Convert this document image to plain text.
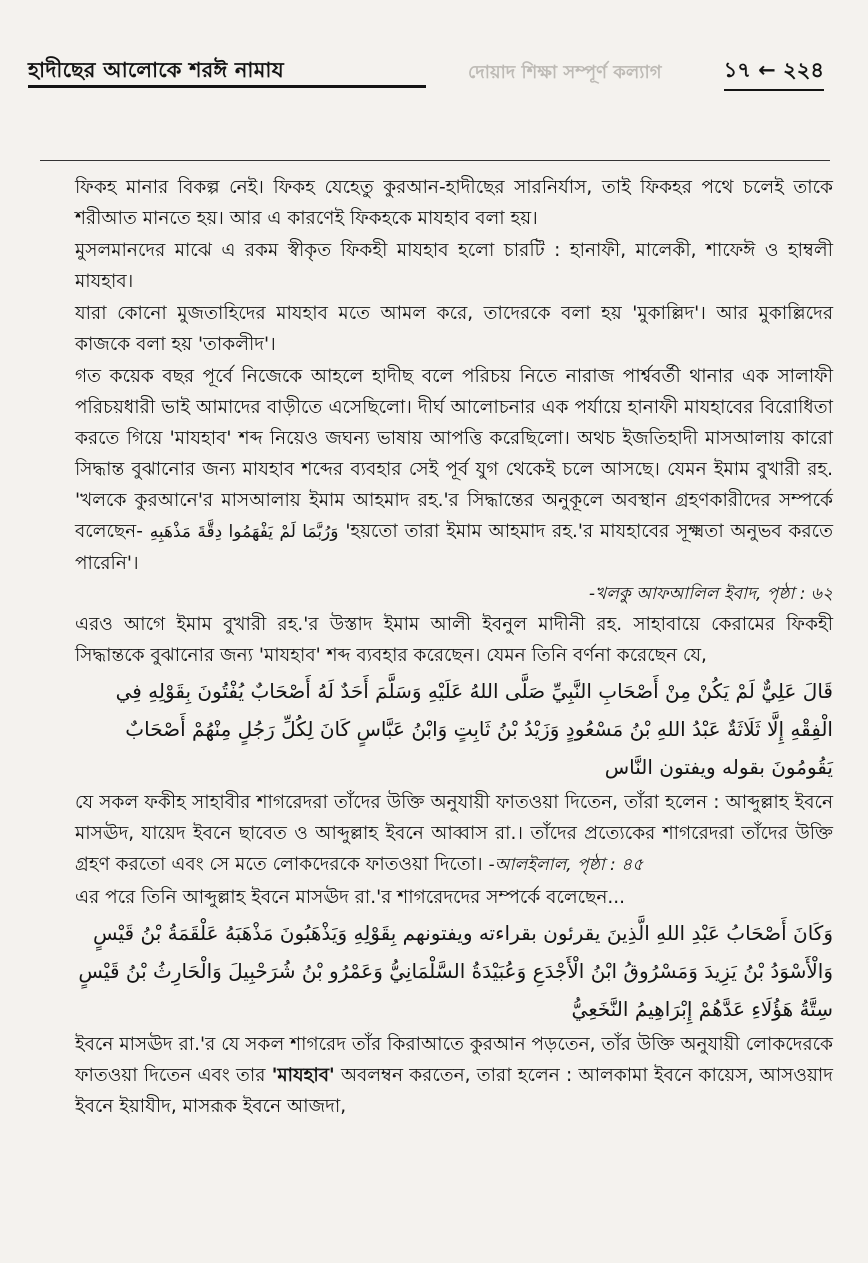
হাদীছের আলোকে শরঈ নামায	দোয়াদ শিক্ষা সম্পূর্ণ কল্যাগ	১৭ ← ২২৪

ফিকহ মানার বিকল্প নেই। ফিকহ যেহেতু কুরআন-হাদীছের সারনির্যাস, তাই ফিকহর পথে চলেই তাকে শরীআত মানতে হয়। আর এ কারণেই ফিকহকে মাযহাব বলা হয়।

মুসলমানদের মাঝে এ রকম স্বীকৃত ফিকহী মাযহাব হলো চারটি : হানাফী, মালেকী, শাফেঈ ও হাম্বলী মাযহাব।

যারা কোনো মুজতাহিদের মাযহাব মতে আমল করে, তাদেরকে বলা হয় 'মুকাল্লিদ'। আর মুকাল্লিদের কাজকে বলা হয় 'তাকলীদ'।

গত কয়েক বছর পূর্বে নিজেকে আহলে হাদীছ বলে পরিচয় নিতে নারাজ পার্শ্ববর্তী থানার এক সালাফী পরিচয়ধারী ভাই আমাদের বাড়ীতে এসেছিলো। দীর্ঘ আলোচনার এক পর্যায়ে হানাফী মাযহাবের বিরোধিতা করতে গিয়ে 'মাযহাব' শব্দ নিয়েও জঘন্য ভাষায় আপত্তি করেছিলো। অথচ ইজতিহাদী মাসআলায় কারো সিদ্ধান্ত বুঝানোর জন্য মাযহাব শব্দের ব্যবহার সেই পূর্ব যুগ থেকেই চলে আসছে। যেমন ইমাম বুখারী রহ. 'খলকে কুরআনে'র মাসআলায় ইমাম আহমাদ রহ.'র সিদ্ধান্তের অনুকূলে অবস্থান গ্রহণকারীদের সম্পর্কে বলেছেন- وَرُبَّمَا لَمْ يَفْهَمُوا دِقَّةَ مَذْهَبِهِ 'হয়তো তারা ইমাম আহমাদ রহ.'র মাযহাবের সূক্ষ্মতা অনুভব করতে পারেনি'।

-খলকু আফআলিল ইবাদ, পৃষ্ঠা : ৬২

এরও আগে ইমাম বুখারী রহ.'র উস্তাদ ইমাম আলী ইবনুল মাদীনী রহ. সাহাবায়ে কেরামের ফিকহী সিদ্ধান্তকে বুঝানোর জন্য 'মাযহাব' শব্দ ব্যবহার করেছেন। যেমন তিনি বর্ণনা করেছেন যে,

قَالَ عَلِيٌّ لَمْ يَكُنْ مِنْ أَصْحَابِ النَّبِيِّ صَلَّى اللهُ عَلَيْهِ وَسَلَّمَ أَحَدٌ لَهُ أَصْحَابٌ يُفْتُونَ بِقَوْلِهِ فِي الْفِقْهِ إِلَّا ثَلَاثَةٌ عَبْدُ اللهِ بْنُ مَسْعُودٍ وَزَيْدُ بْنُ ثَابِتٍ وَابْنُ عَبَّاسٍ كَانَ لِكُلِّ رَجُلٍ مِنْهُمْ أَصْحَابٌ يَقُومُونَ بقوله ويفتون النَّاس

যে সকল ফকীহ সাহাবীর শাগরেদরা তাঁদের উক্তি অনুযায়ী ফাতওয়া দিতেন, তাঁরা হলেন : আব্দুল্লাহ ইবনে মাসঊদ, যায়েদ ইবনে ছাবেত ও আব্দুল্লাহ ইবনে আব্বাস রা.। তাঁদের প্রত্যেকের শাগরেদরা তাঁদের উক্তি গ্রহণ করতো এবং সে মতে লোকদেরকে ফাতওয়া দিতো। -আলইলাল, পৃষ্ঠা : ৪৫

এর পরে তিনি আব্দুল্লাহ ইবনে মাসঊদ রা.'র শাগরেদদের সম্পর্কে বলেছেন...

وَكَانَ أَصْحَابُ عَبْدِ اللهِ الَّذِينَ يقرئون بقراءته ويفتونهم بِقَوْلِهِ وَيَذْهَبُونَ مَذْهَبَهُ عَلْقَمَةُ بْنُ قَيْسٍ وَالْأَسْوَدُ بْنُ يَزِيدَ وَمَسْرُوقُ ابْنُ الْأَجْدَعِ وَعُبَيْدَةُ السَّلْمَانِيُّ وَعَمْرُو بْنُ شُرَحْبِيلَ وَالْحَارِثُ بْنُ قَيْسٍ سِتَّةُ هَؤُلَاءِ عَدَّهُمْ إِبْرَاهِيمُ النَّخَعِيُّ

ইবনে মাসঊদ রা.'র যে সকল শাগরেদ তাঁর কিরাআতে কুরআন পড়তেন, তাঁর উক্তি অনুযায়ী লোকদেরকে ফাতওয়া দিতেন এবং তার 'মাযহাব' অবলম্বন করতেন, তারা হলেন : আলকামা ইবনে কায়েস, আসওয়াদ ইবনে ইয়াযীদ, মাসরূক ইবনে আজদা,
